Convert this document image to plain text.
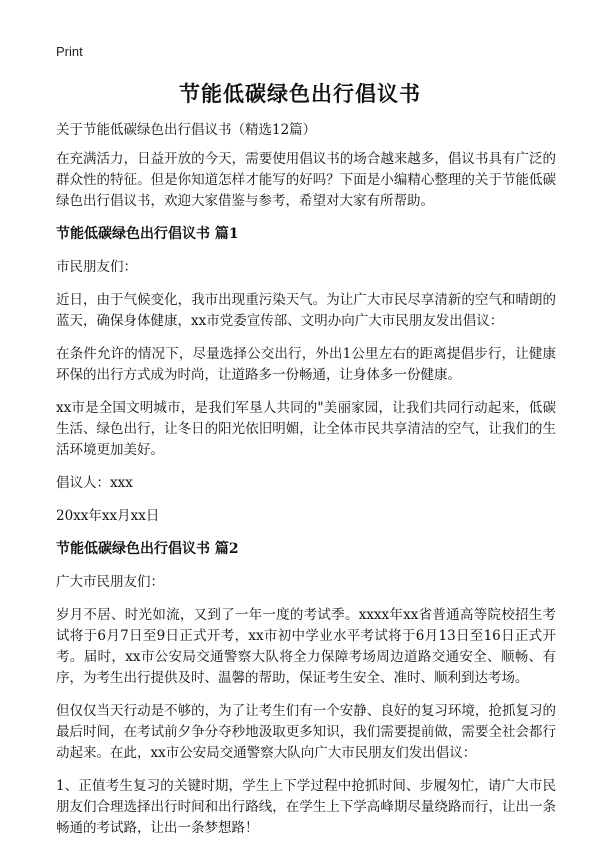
Print
节能低碳绿色出行倡议书

关于节能低碳绿色出行倡议书（精选12篇）

在充满活力，日益开放的今天，需要使用倡议书的场合越来越多，倡议书具有广泛的群众性的特征。但是你知道怎样才能写的好吗？下面是小编精心整理的关于节能低碳绿色出行倡议书，欢迎大家借鉴与参考，希望对大家有所帮助。

节能低碳绿色出行倡议书 篇1

市民朋友们：

近日，由于气候变化，我市出现重污染天气。为让广大市民尽享清新的空气和晴朗的蓝天，确保身体健康，xx市党委宣传部、文明办向广大市民朋友发出倡议：

在条件允许的情况下，尽量选择公交出行，外出1公里左右的距离提倡步行，让健康环保的出行方式成为时尚，让道路多一份畅通，让身体多一份健康。

xx市是全国文明城市，是我们军垦人共同的"美丽家园，让我们共同行动起来，低碳生活、绿色出行，让冬日的阳光依旧明媚，让全体市民共享清洁的空气，让我们的生活环境更加美好。

倡议人：xxx

20xx年xx月xx日

节能低碳绿色出行倡议书 篇2

广大市民朋友们：

岁月不居、时光如流，又到了一年一度的考试季。xxxx年xx省普通高等院校招生考试将于6月7日至9日正式开考，xx市初中学业水平考试将于6月13日至16日正式开考。届时，xx市公安局交通警察大队将全力保障考场周边道路交通安全、顺畅、有序，为考生出行提供及时、温馨的帮助，保证考生安全、准时、顺利到达考场。

但仅仅当天行动是不够的，为了让考生们有一个安静、良好的复习环境，抢抓复习的最后时间，在考试前夕争分夺秒地汲取更多知识，我们需要提前做，需要全社会都行动起来。在此，xx市公安局交通警察大队向广大市民朋友们发出倡议：

1、正值考生复习的关键时期，学生上下学过程中抢抓时间、步履匆忙，请广大市民朋友们合理选择出行时间和出行路线，在学生上下学高峰期尽量绕路而行，让出一条畅通的考试路，让出一条梦想路！
